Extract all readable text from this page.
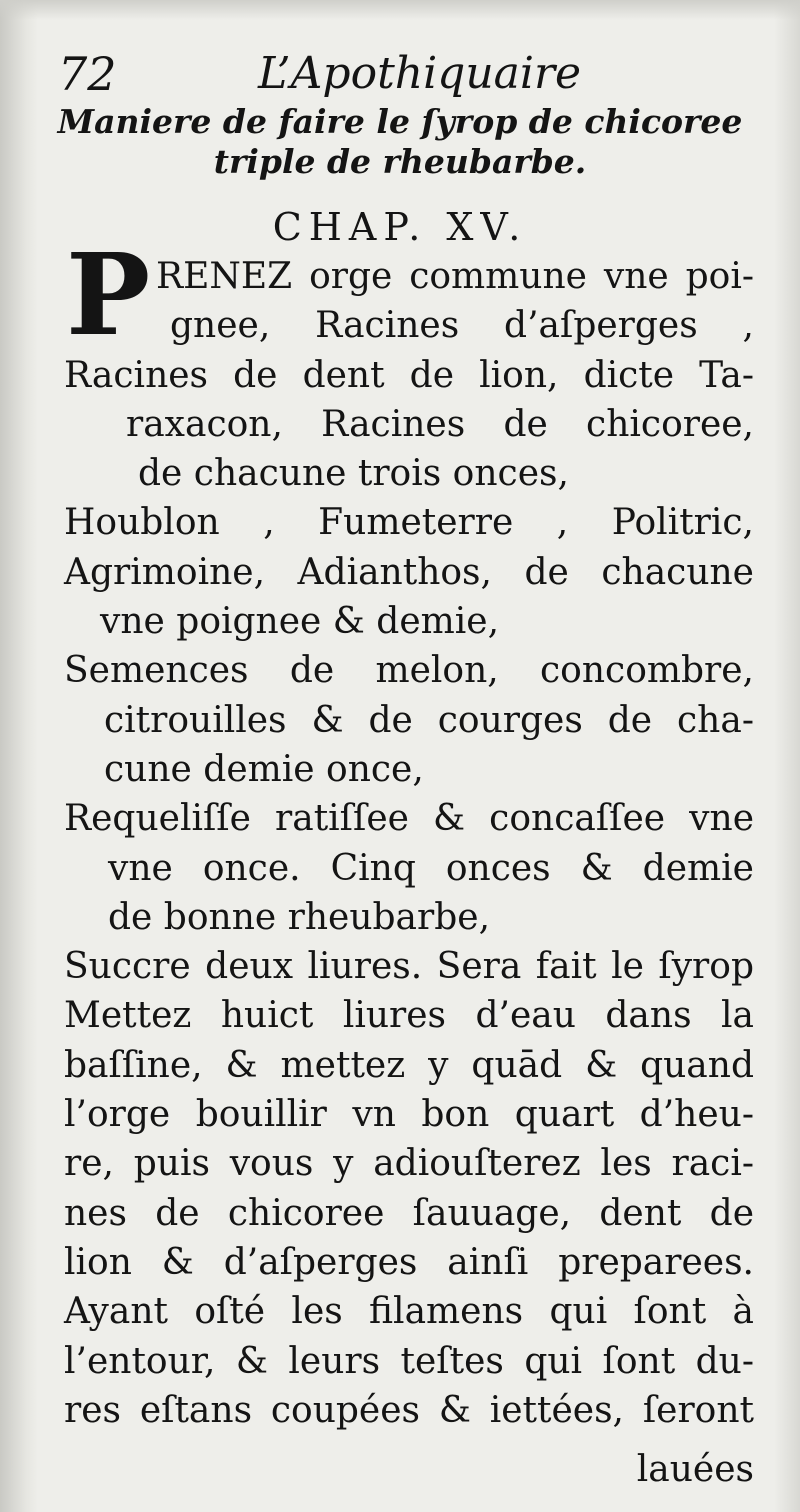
72	L’Apothiquaire
Maniere de faire le ſyrop de chicoree
triple de rheubarbe.
CHAP. XV.
P RENEZ orge commune vne poi-
gnee, Racines d’aſperges ,
Racines de dent de lion, dicte Ta-
raxacon, Racines de chicoree,
de chacune trois onces,
Houblon , Fumeterre , Politric,
Agrimoine, Adianthos, de chacune
vne poignee & demie,
Semences de melon, concombre,
citrouilles & de courges de cha-
cune demie once,
Requeliſſe ratiſſee & concaſſee vne
vne once. Cinq onces & demie
de bonne rheubarbe,
Succre deux liures. Sera fait le ſyrop
Mettez huict liures d’eau dans la
baſſine, & mettez y quād & quand
l’orge bouillir vn bon quart d’heu-
re, puis vous y adiouſterez les raci-
nes de chicoree ſauuage, dent de
lion & d’aſperges ainſi preparees.
Ayant oſté les filamens qui ſont à
l’entour, & leurs teſtes qui ſont du-
res eſtans coupées & iettées, ſeront
lauées
